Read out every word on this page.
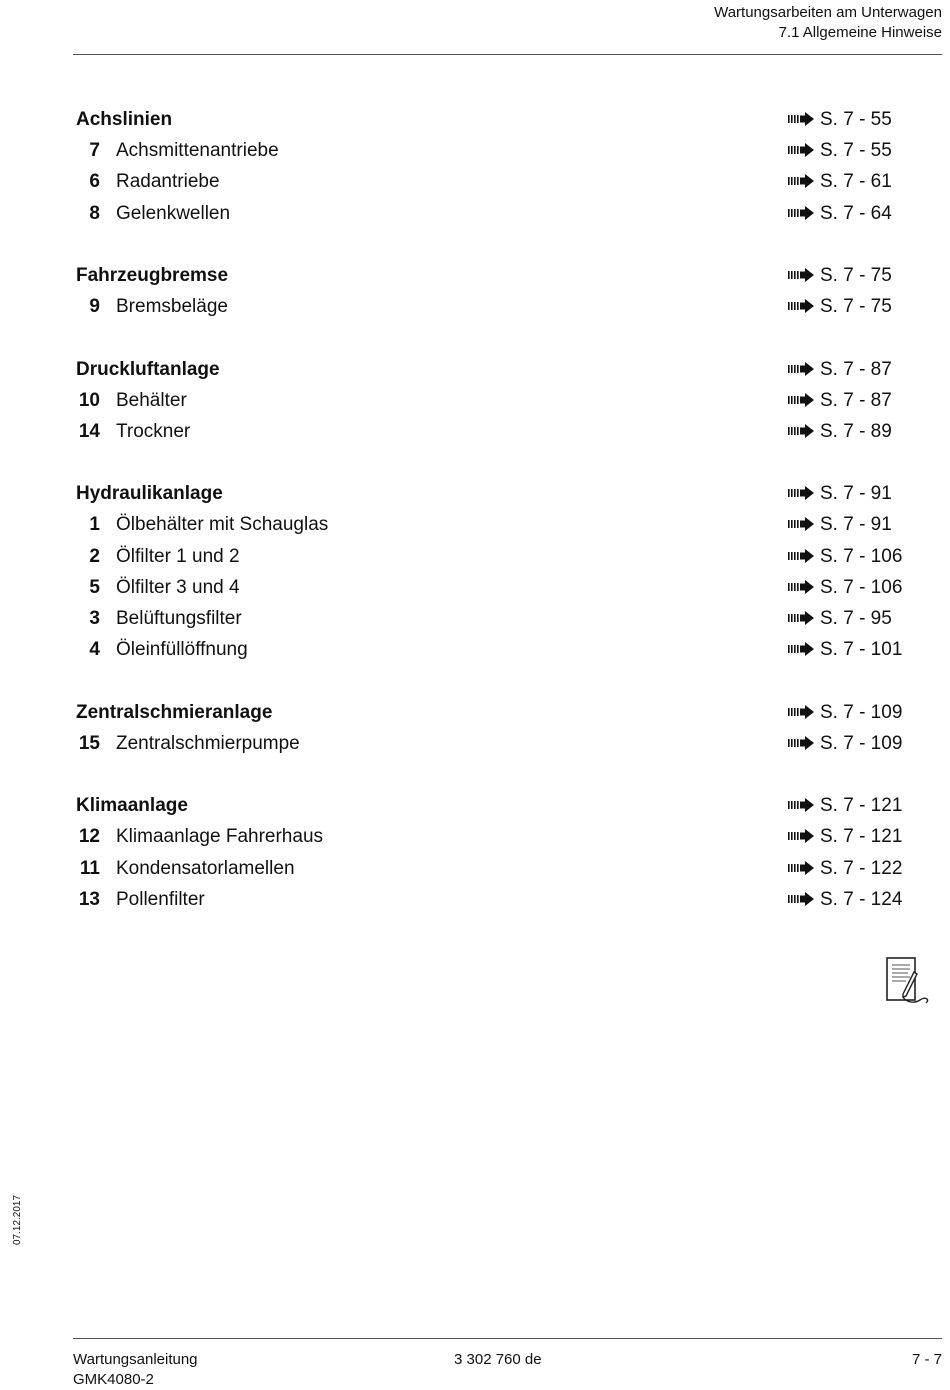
Wartungsarbeiten am Unterwagen
7.1 Allgemeine Hinweise
Achslinien	S. 7 - 55
7 Achsmittenantriebe	S. 7 - 55
6 Radantriebe	S. 7 - 61
8 Gelenkwellen	S. 7 - 64
Fahrzeugbremse	S. 7 - 75
9 Bremsbeläge	S. 7 - 75
Druckluftanlage	S. 7 - 87
10 Behälter	S. 7 - 87
14 Trockner	S. 7 - 89
Hydraulikanlage	S. 7 - 91
1 Ölbehälter mit Schauglas	S. 7 - 91
2 Ölfilter 1 und 2	S. 7 - 106
5 Ölfilter 3 und 4	S. 7 - 106
3 Belüftungsfilter	S. 7 - 95
4 Öleinfüllöffnung	S. 7 - 101
Zentralschmieranlage	S. 7 - 109
15 Zentralschmierpumpe	S. 7 - 109
Klimaanlage	S. 7 - 121
12 Klimaanlage Fahrerhaus	S. 7 - 121
11 Kondensatorlamellen	S. 7 - 122
13 Pollenfilter	S. 7 - 124
07.12.2017
Wartungsanleitung
GMK4080-2
3 302 760 de	7 - 7
